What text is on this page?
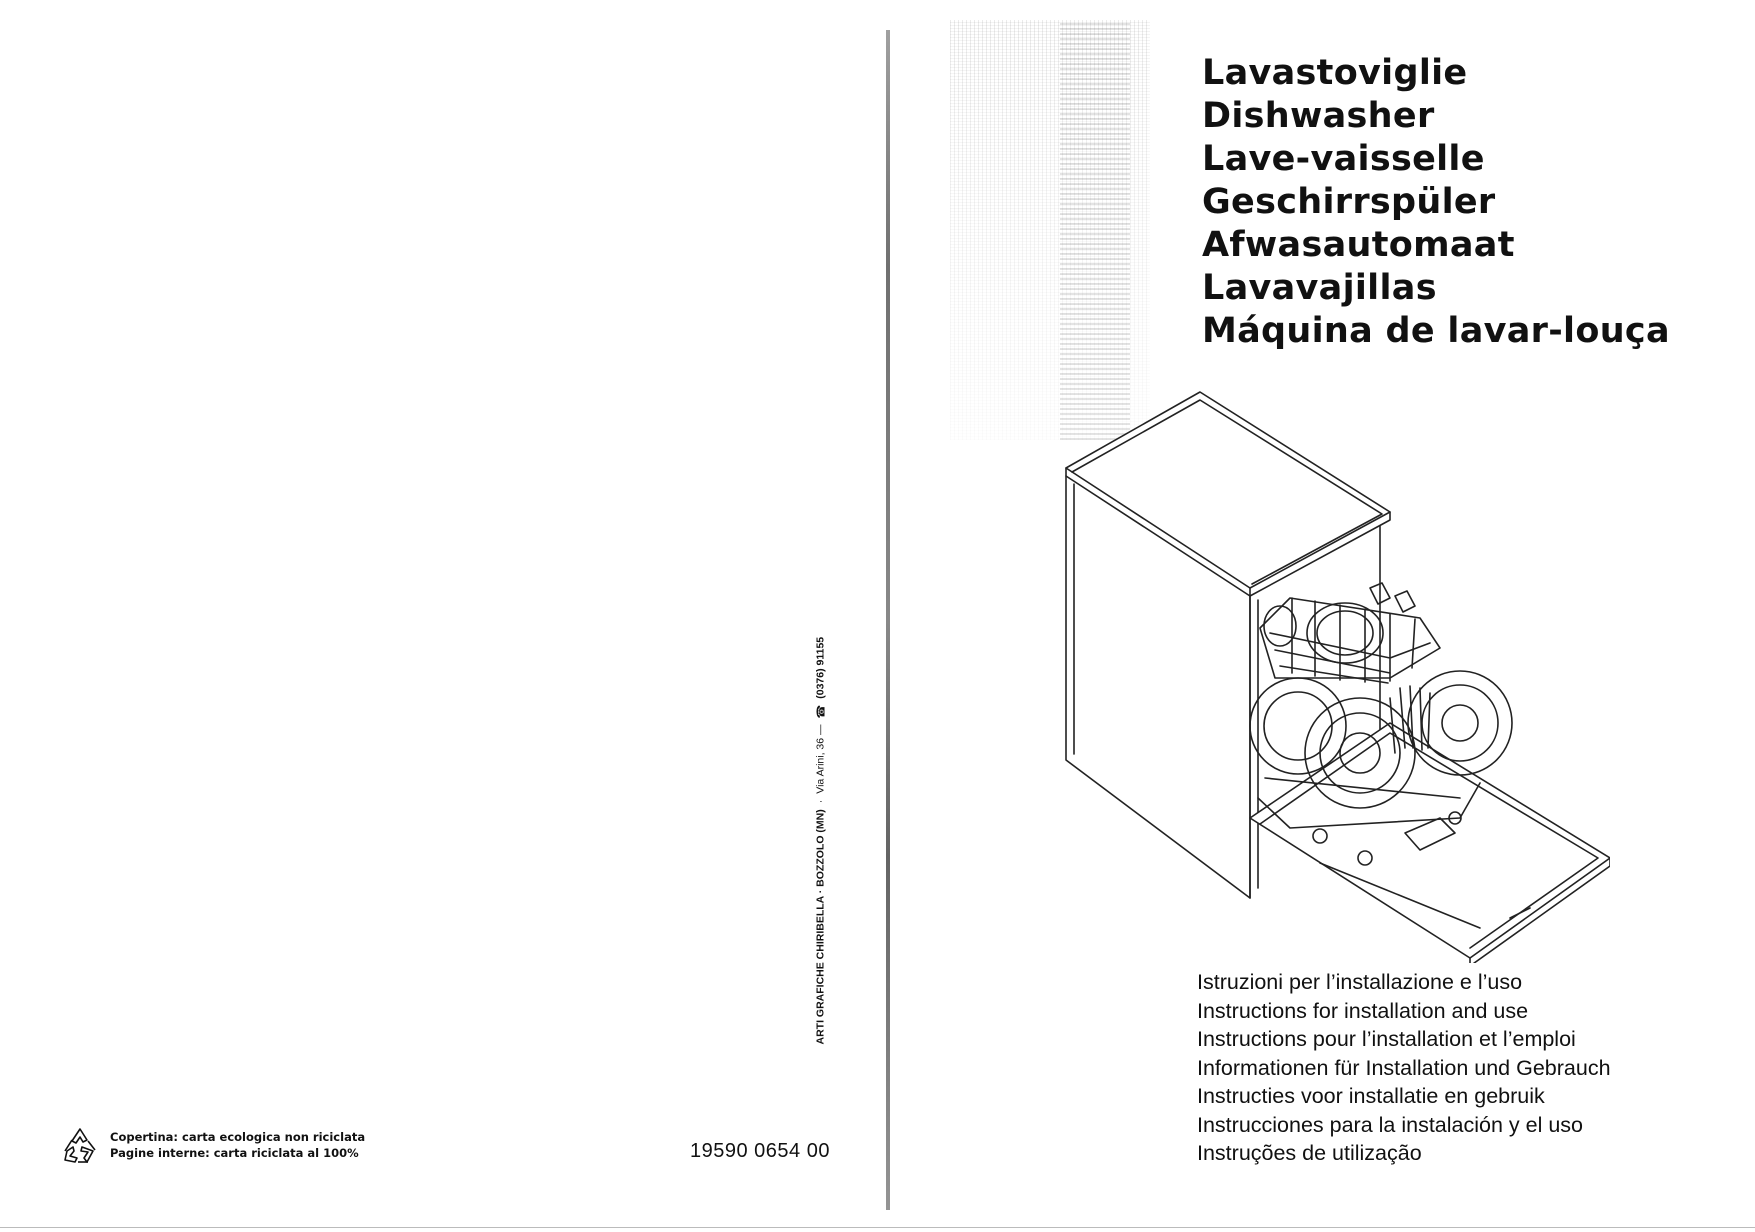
Copertina: carta ecologica non riciclata
Pagine interne: carta riciclata al 100%	19590 0654 00
ARTI GRAFICHE CHIRIBELLA · BOZZOLO (MN)
·
Via Arini, 36 —
☎
(0376) 91155
Lavastoviglie
Dishwasher
Lave-vaisselle
Geschirrspüler
Afwasautomaat
Lavavajillas
Máquina de lavar-louça
Istruzioni per l’installazione e l’uso
Instructions for installation and use
Instructions pour l’installation et l’emploi
Informationen für Installation und Gebrauch
Instructies voor installatie en gebruik
Instrucciones para la instalación y el uso
Instruções de utilização
